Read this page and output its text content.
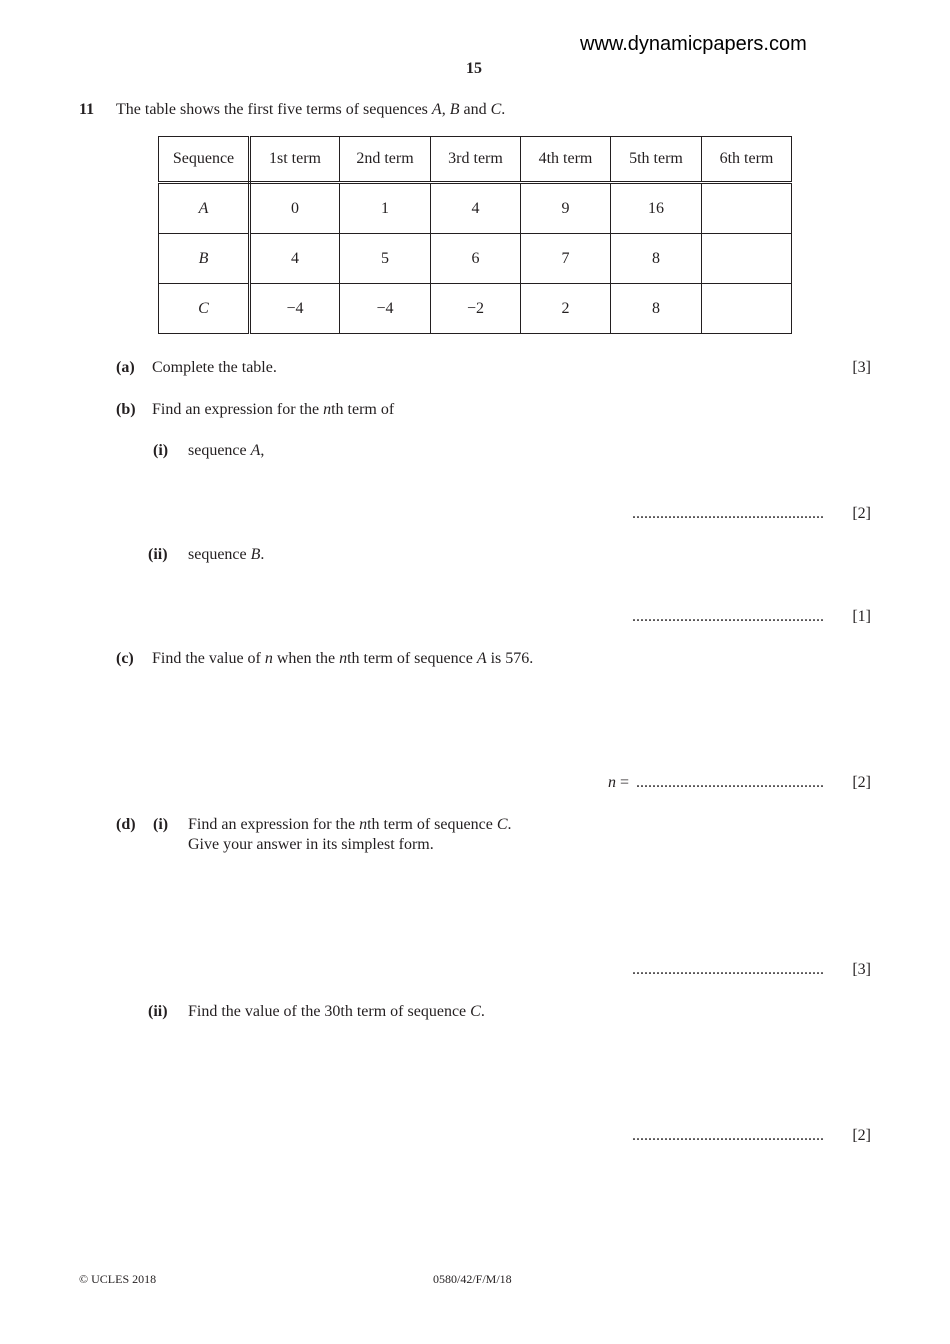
www.dynamicpapers.com
15
11 The table shows the first five terms of sequences A, B and C.
Sequence	1st term	2nd term	3rd term	4th term	5th term	6th term
A	0	1	4	9	16	
B	4	5	6	7	8	
C	−4	−4	−2	2	8	
(a) Complete the table.	[3]
(b) Find an expression for the nth term of
(i) sequence A,
................................................	[2]
(ii) sequence B.
................................................	[1]
(c) Find the value of n when the nth term of sequence A is 576.
n = ...............................................	[2]
(d) (i) Find an expression for the nth term of sequence C.
Give your answer in its simplest form.
................................................	[3]
(ii) Find the value of the 30th term of sequence C.
................................................	[2]
© UCLES 2018	0580/42/F/M/18
